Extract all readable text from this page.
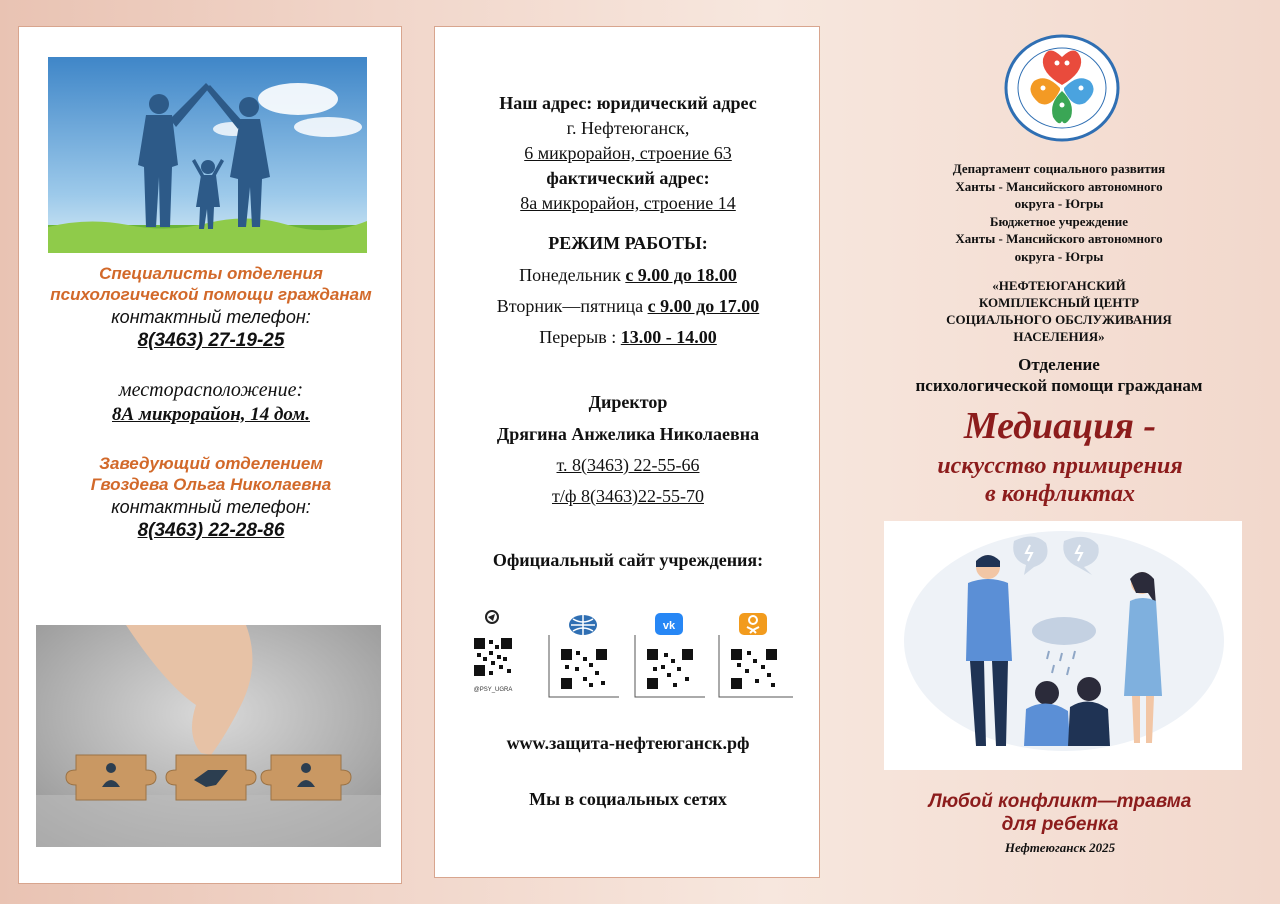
Специалисты отделения
психологической помощи гражданам
контактный телефон:
8(3463) 27-19-25
месторасположение:
8А микрорайон, 14 дом.
Заведующий отделением
Гвоздева Ольга Николаевна
контактный телефон:
8(3463) 22-28-86
Наш адрес: юридический адрес
г. Нефтеюганск,
6 микрорайон, строение 63
фактический адрес:
8а микрорайон, строение 14
РЕЖИМ РАБОТЫ:
Понедельник с 9.00 до 18.00
Вторник—пятница с 9.00 до 17.00
Перерыв : 13.00 - 14.00
Директор
Дрягина Анжелика Николаевна
т. 8(3463) 22-55-66
т/ф 8(3463)22-55-70
Официальный сайт учреждения:
@PSY_UGRA
vk
www.защита-нефтеюганск.рф
Мы в социальных сетях
Департамент социального развития
Ханты - Мансийского автономного
округа - Югры
Бюджетное учреждение
Ханты - Мансийского автономного
округа - Югры
«НЕФТЕЮГАНСКИЙ
КОМПЛЕКСНЫЙ ЦЕНТР
СОЦИАЛЬНОГО ОБСЛУЖИВАНИЯ
НАСЕЛЕНИЯ»
Отделение
психологической помощи гражданам
Медиация -
искусство примирения
в конфликтах
Любой конфликт—травма
для ребенка
Нефтеюганск 2025
